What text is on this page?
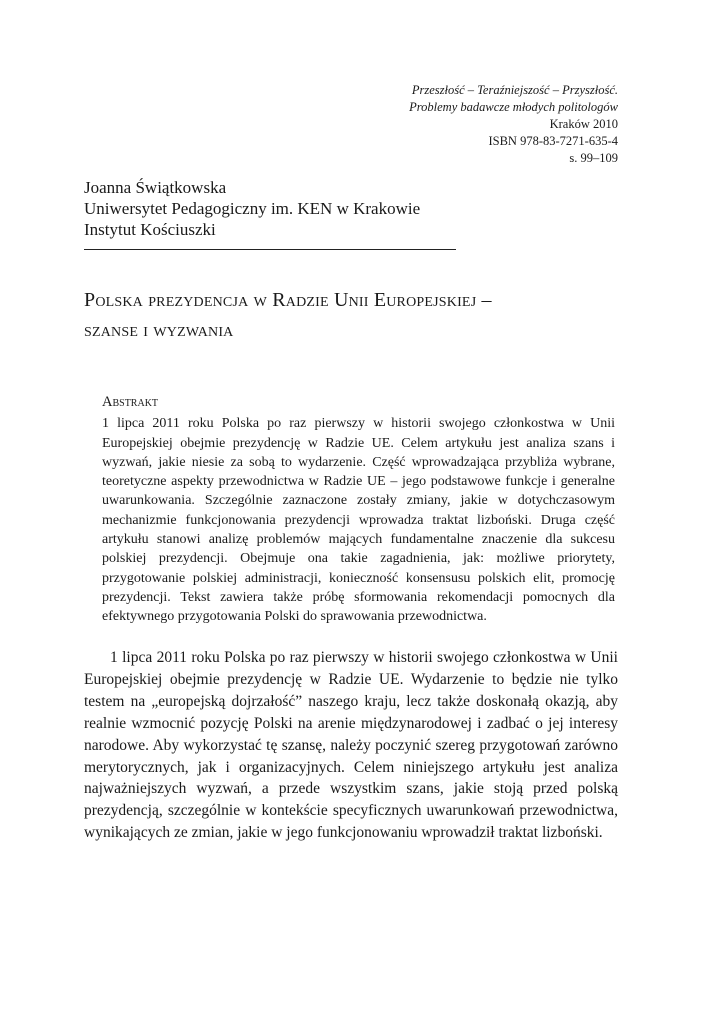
Przeszłość – Teraźniejszość – Przyszłość.
Problemy badawcze młodych politologów
Kraków 2010
ISBN 978-83-7271-635-4
s. 99–109
Joanna Świątkowska
Uniwersytet Pedagogiczny im. KEN w Krakowie
Instytut Kościuszki
Polska prezydencja w Radzie Unii Europejskiej –
szanse i wyzwania
Abstrakt
1 lipca 2011 roku Polska po raz pierwszy w historii swojego członkostwa w Unii Europejskiej obejmie prezydencję w Radzie UE. Celem artykułu jest analiza szans i wyzwań, jakie niesie za sobą to wydarzenie. Część wprowadzająca przybliża wybrane, teoretyczne aspekty przewodnictwa w Radzie UE – jego podstawowe funkcje i generalne uwarunkowania. Szczególnie zaznaczone zostały zmiany, jakie w dotychczasowym mechanizmie funkcjonowania prezydencji wprowadza traktat lizboński. Druga część artykułu stanowi analizę problemów mających fundamentalne znaczenie dla sukcesu polskiej prezydencji. Obejmuje ona takie zagadnienia, jak: możliwe priorytety, przygotowanie polskiej administracji, konieczność konsensusu polskich elit, promocję prezydencji. Tekst zawiera także próbę sformowania rekomendacji pomocnych dla efektywnego przygotowania Polski do sprawowania przewodnictwa.
1 lipca 2011 roku Polska po raz pierwszy w historii swojego członkostwa w Unii Europejskiej obejmie prezydencję w Radzie UE. Wydarzenie to będzie nie tylko testem na „europejską dojrzałość” naszego kraju, lecz także doskonałą okazją, aby realnie wzmocnić pozycję Polski na arenie międzynarodowej i zadbać o jej interesy narodowe. Aby wykorzystać tę szansę, należy poczynić szereg przygotowań zarówno merytorycznych, jak i organizacyjnych. Celem niniejszego artykułu jest analiza najważniejszych wyzwań, a przede wszystkim szans, jakie stoją przed polską prezydencją, szczególnie w kontekście specyficznych uwarunkowań przewodnictwa, wynikających ze zmian, jakie w jego funkcjonowaniu wprowadził traktat lizboński.
